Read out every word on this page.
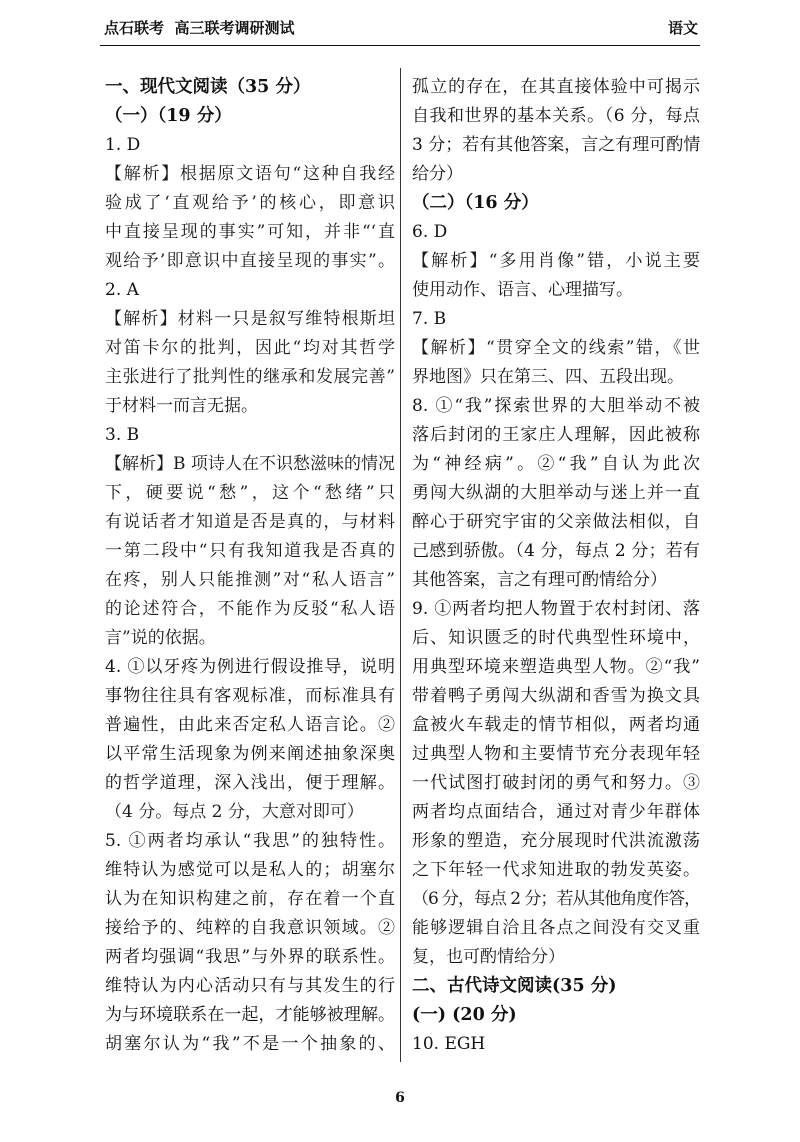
点石联考  高三联考调研测试	语文
一、现代文阅读（35 分）
（一）（19 分）
1. D
【解析】根据原文语句“这种自我经
验成了‘直观给予’的核心，即意识
中直接呈现的事实”可知，并非“‘直
观给予’即意识中直接呈现的事实”。
2. A
【解析】材料一只是叙写维特根斯坦
对笛卡尔的批判，因此“均对其哲学
主张进行了批判性的继承和发展完善”
于材料一而言无据。
3. B
【解析】B 项诗人在不识愁滋味的情况
下，硬要说“愁”，这个“愁绪”只
有说话者才知道是否是真的，与材料
一第二段中“只有我知道我是否真的
在疼，别人只能推测”对“私人语言”
的论述符合，不能作为反驳“私人语
言”说的依据。
4. ①以牙疼为例进行假设推导，说明
事物往往具有客观标准，而标准具有
普遍性，由此来否定私人语言论。②
以平常生活现象为例来阐述抽象深奥
的哲学道理，深入浅出，便于理解。
（4 分。每点 2 分，大意对即可）
5. ①两者均承认“我思”的独特性。
维特认为感觉可以是私人的；胡塞尔
认为在知识构建之前，存在着一个直
接给予的、纯粹的自我意识领域。②
两者均强调“我思”与外界的联系性。
维特认为内心活动只有与其发生的行
为与环境联系在一起，才能够被理解。
胡塞尔认为“我”不是一个抽象的、
孤立的存在，在其直接体验中可揭示
自我和世界的基本关系。（6 分，每点
3 分；若有其他答案，言之有理可酌情
给分）
（二）（16 分）
6. D
【解析】“多用肖像”错，小说主要
使用动作、语言、心理描写。
7. B
【解析】“贯穿全文的线索”错，《世
界地图》只在第三、四、五段出现。
8. ①“我”探索世界的大胆举动不被
落后封闭的王家庄人理解，因此被称
为“神经病”。②“我”自认为此次
勇闯大纵湖的大胆举动与迷上并一直
醉心于研究宇宙的父亲做法相似，自
己感到骄傲。（4 分，每点 2 分；若有
其他答案，言之有理可酌情给分）
9. ①两者均把人物置于农村封闭、落
后、知识匮乏的时代典型性环境中，
用典型环境来塑造典型人物。②“我”
带着鸭子勇闯大纵湖和香雪为换文具
盒被火车载走的情节相似，两者均通
过典型人物和主要情节充分表现年轻
一代试图打破封闭的勇气和努力。③
两者均点面结合，通过对青少年群体
形象的塑造，充分展现时代洪流激荡
之下年轻一代求知进取的勃发英姿。
（6 分，每点 2 分；若从其他角度作答，
能够逻辑自洽且各点之间没有交叉重
复，也可酌情给分）
二、古代诗文阅读(35 分)
(一) (20 分)
10. EGH
6
